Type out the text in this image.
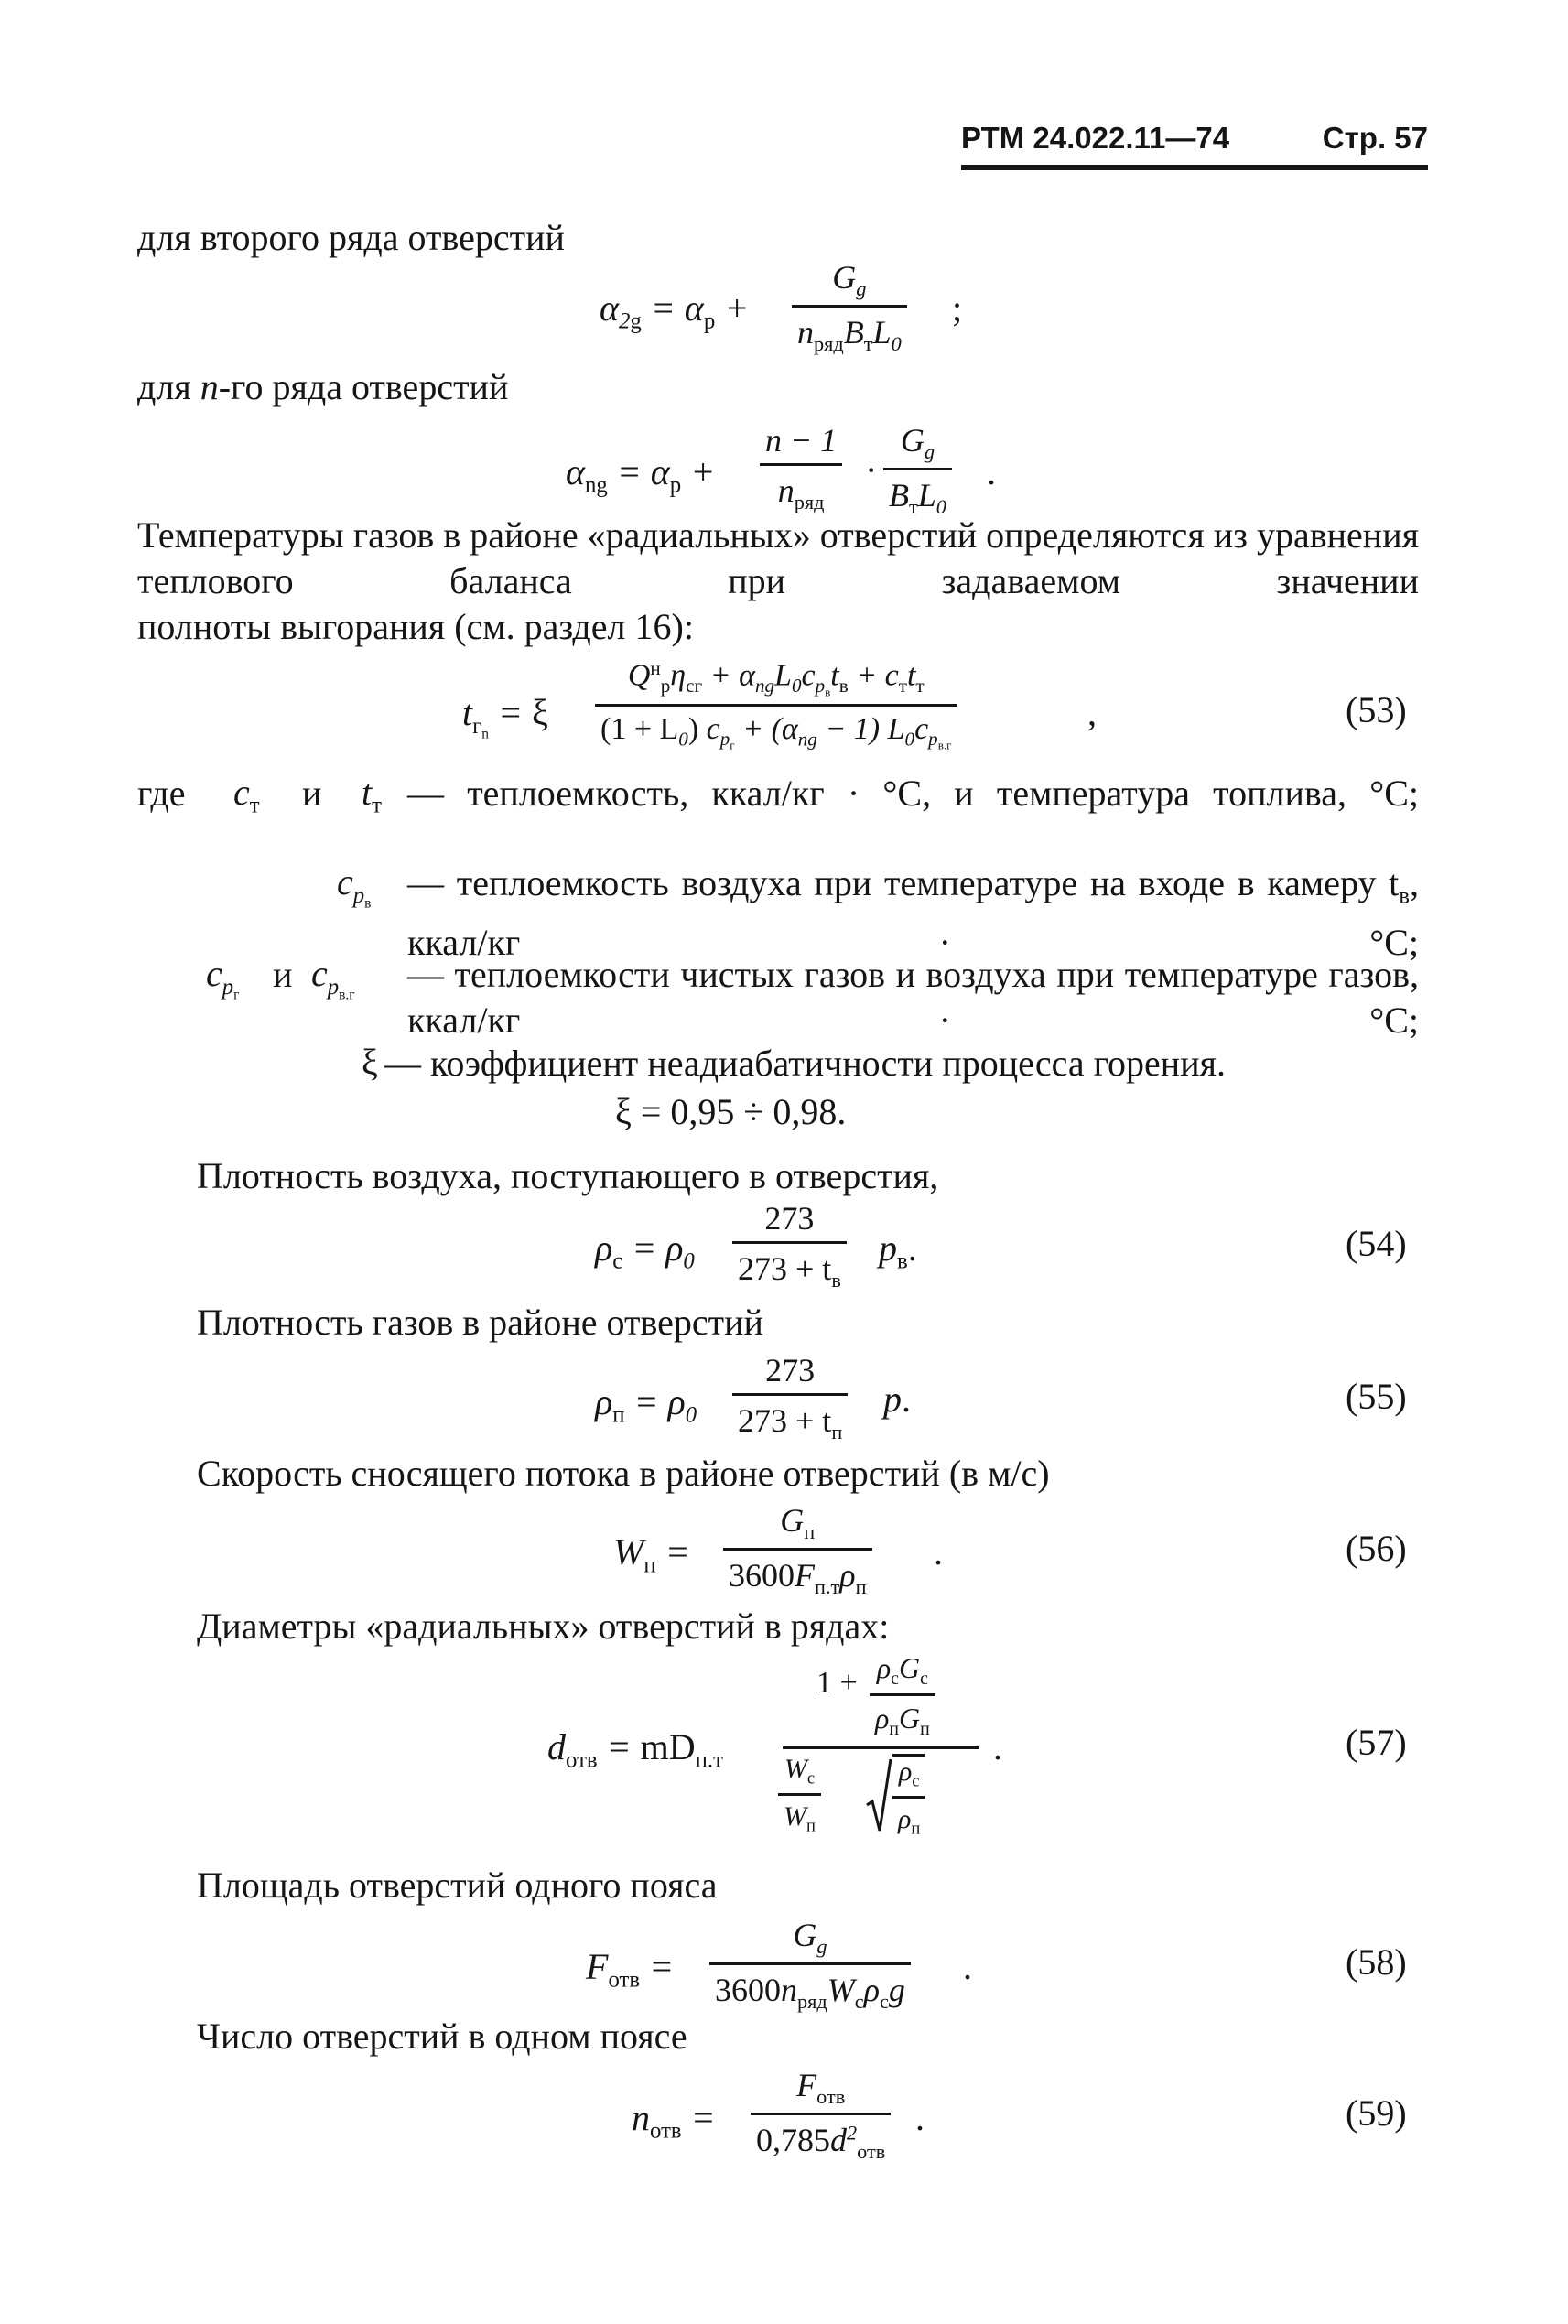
РТМ 24.022.11—74	Стр. 57
для второго ряда отверстий
$\alpha_{2g} = \alpha_р$ +
$G_g$
$n_{ряд}B_тL_0$
;
для n-го ряда отверстий
$\alpha_{ng} = \alpha_р$ +
n − 1
$n_{ряд}$
·
$G_g$
$B_тL_0$
.
Температуры газов в районе «радиальных» отверстий определяются из уравнения теплового баланса при задаваемом значении
полноты выгорания (см. раздел 16):
$t_{г_n} = \xi$
$Q^н_р\eta_{сг} + \alpha_{ng}L_0c_{p_в}t_в + c_тt_т$
$(1 + L_0)$ $c_{p_г} + (\alpha_{ng} - 1)$ $L_0c_{p_{в.г}}$
,	(53)
где $c_т$ и $t_т$ — теплоемкость, ккал/кг · °С, и температура топлива, °С;
$c_{p_в}$ — теплоемкость воздуха при температуре на входе в камеру $t_в$, ккал/кг · °С;
$c_{p_г}$ и $c_{p_{в.г}}$ — теплоемкости чистых газов и воздуха при температуре газов, ккал/кг · °С;
ξ — коэффициент неадиабатичности процесса горения.
ξ = 0,95 ÷ 0,98.
Плотность воздуха, поступающего в отверстия,
$\rho_с = \rho_0$
273
$273 + t_в$
$p_в$.	(54)
Плотность газов в районе отверстий
$\rho_п = \rho_0$
273
$273 + t_п$
p.	(55)
Скорость сносящего потока в районе отверстий (в м/с)
$W_п$ =
$G_п$
$3600F_{п.т}\rho_п$
.	(56)
Диаметры «радиальных» отверстий в рядах:
$d_{отв} = mD_{п.т}$
$1 + \rho_сG_с$
$\rho_пG_п$
$W_с$
$W_п$
$\rho_с$
$\rho_п$
.	(57)
Площадь отверстий одного пояса
$F_{отв}$ =
$G_g$
$3600n_{ряд}W_с\rho_сg$
.	(58)
Число отверстий в одном поясе
$n_{отв}$ =
$F_{отв}$
$0,785d^2_{отв}$
.	(59)
